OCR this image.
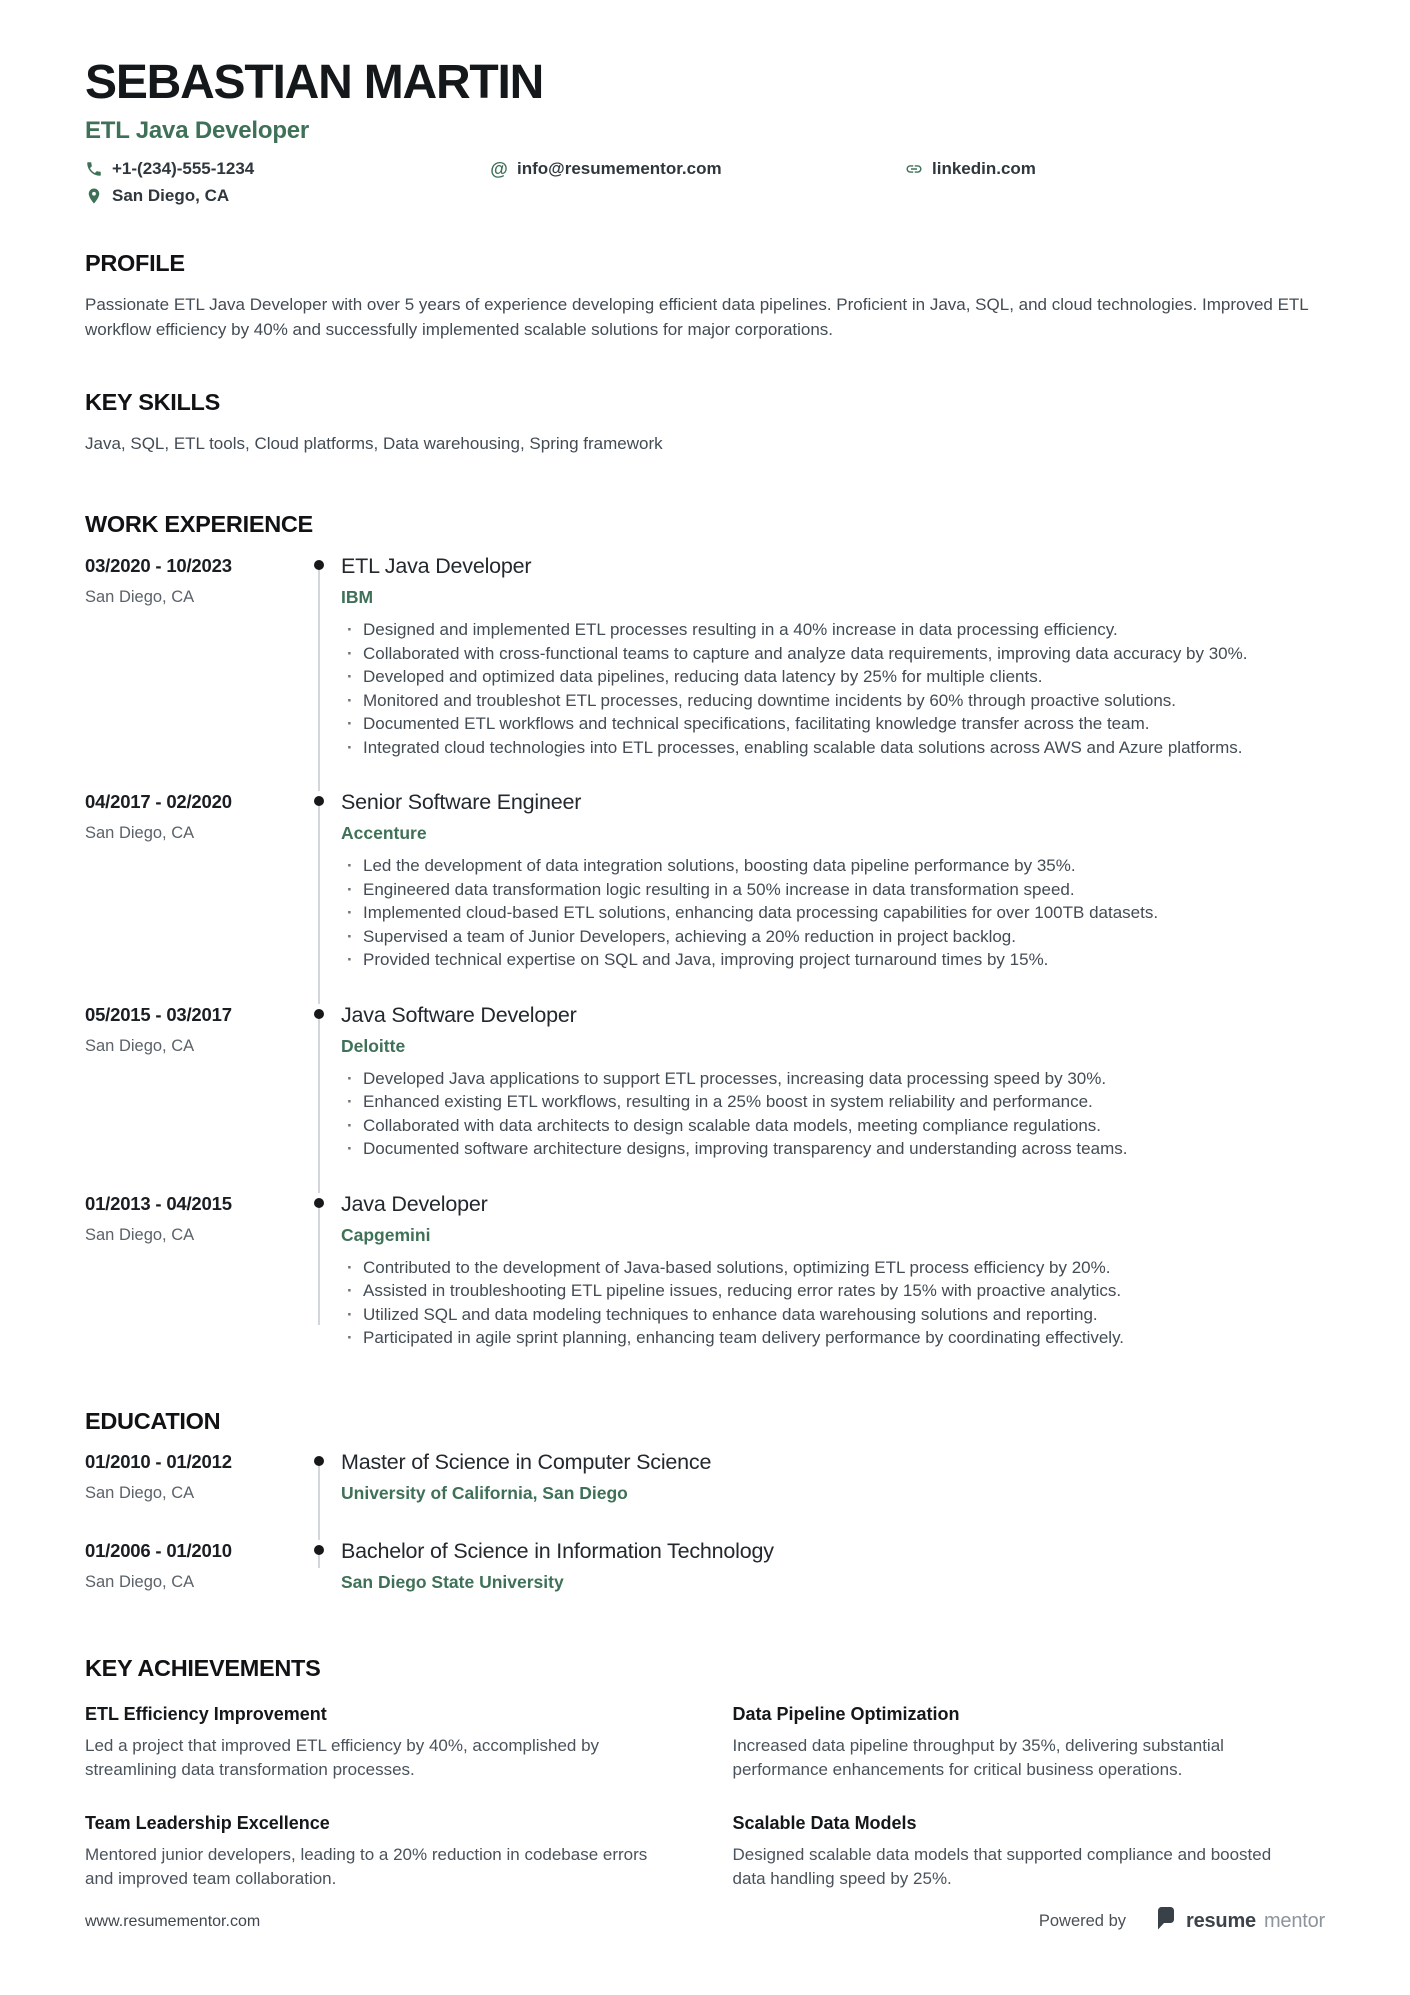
SEBASTIAN MARTIN
ETL Java Developer
+1-(234)-555-1234	@ info@resumementor.com	linkedin.com
San Diego, CA
PROFILE

Passionate ETL Java Developer with over 5 years of experience developing efficient data pipelines. Proficient in Java, SQL, and cloud technologies. Improved ETL workflow efficiency by 40% and successfully implemented scalable solutions for major corporations.

KEY SKILLS

Java, SQL, ETL tools, Cloud platforms, Data warehousing, Spring framework

WORK EXPERIENCE
03/2020 - 10/2023
San Diego, CA
ETL Java Developer
IBM
· Designed and implemented ETL processes resulting in a 40% increase in data processing efficiency.
· Collaborated with cross-functional teams to capture and analyze data requirements, improving data accuracy by 30%.
· Developed and optimized data pipelines, reducing data latency by 25% for multiple clients.
· Monitored and troubleshot ETL processes, reducing downtime incidents by 60% through proactive solutions.
· Documented ETL workflows and technical specifications, facilitating knowledge transfer across the team.
· Integrated cloud technologies into ETL processes, enabling scalable data solutions across AWS and Azure platforms.
04/2017 - 02/2020
San Diego, CA
Senior Software Engineer
Accenture
· Led the development of data integration solutions, boosting data pipeline performance by 35%.
· Engineered data transformation logic resulting in a 50% increase in data transformation speed.
· Implemented cloud-based ETL solutions, enhancing data processing capabilities for over 100TB datasets.
· Supervised a team of Junior Developers, achieving a 20% reduction in project backlog.
· Provided technical expertise on SQL and Java, improving project turnaround times by 15%.
05/2015 - 03/2017
San Diego, CA
Java Software Developer
Deloitte
· Developed Java applications to support ETL processes, increasing data processing speed by 30%.
· Enhanced existing ETL workflows, resulting in a 25% boost in system reliability and performance.
· Collaborated with data architects to design scalable data models, meeting compliance regulations.
· Documented software architecture designs, improving transparency and understanding across teams.
01/2013 - 04/2015
San Diego, CA
Java Developer
Capgemini
· Contributed to the development of Java-based solutions, optimizing ETL process efficiency by 20%.
· Assisted in troubleshooting ETL pipeline issues, reducing error rates by 15% with proactive analytics.
· Utilized SQL and data modeling techniques to enhance data warehousing solutions and reporting.
· Participated in agile sprint planning, enhancing team delivery performance by coordinating effectively.
EDUCATION
01/2010 - 01/2012
San Diego, CA
Master of Science in Computer Science
University of California, San Diego
01/2006 - 01/2010
San Diego, CA
Bachelor of Science in Information Technology
San Diego State University
KEY ACHIEVEMENTS
ETL Efficiency Improvement
Led a project that improved ETL efficiency by 40%, accomplished by streamlining data transformation processes.
Data Pipeline Optimization
Increased data pipeline throughput by 35%, delivering substantial performance enhancements for critical business operations.
Team Leadership Excellence
Mentored junior developers, leading to a 20% reduction in codebase errors and improved team collaboration.
Scalable Data Models
Designed scalable data models that supported compliance and boosted data handling speed by 25%.
www.resumementor.com	Powered by	resume mentor
